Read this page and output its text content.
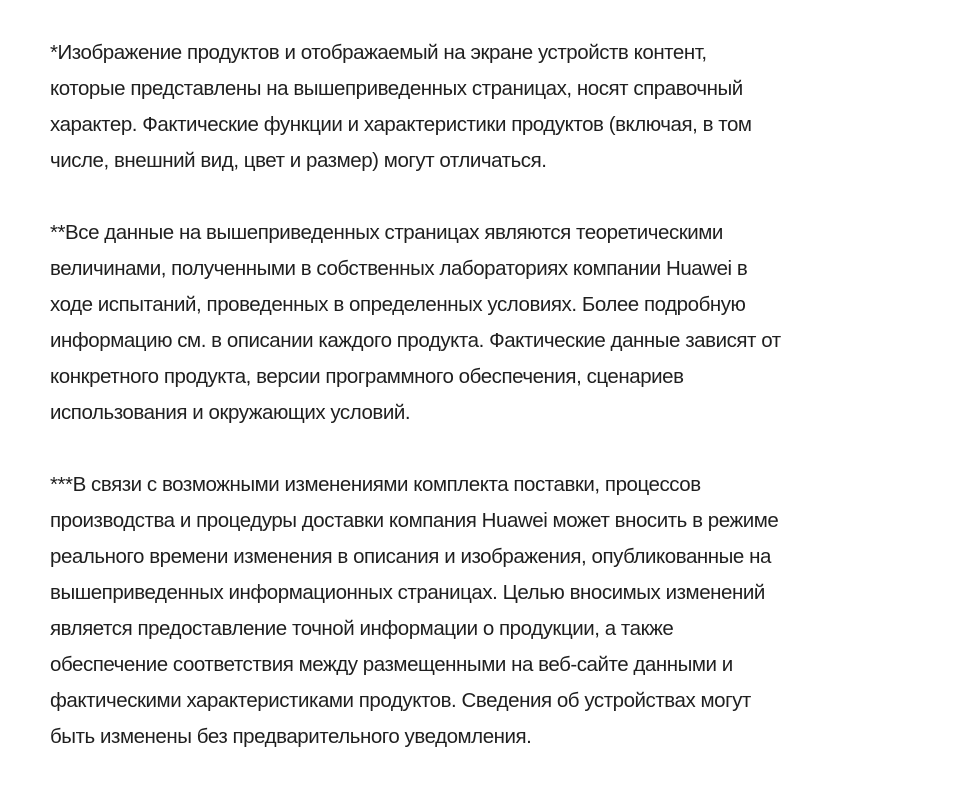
*Изображение продуктов и отображаемый на экране устройств контент,
которые представлены на вышеприведенных страницах, носят справочный
характер. Фактические функции и характеристики продуктов (включая, в том
числе, внешний вид, цвет и размер) могут отличаться.

**Все данные на вышеприведенных страницах являются теоретическими
величинами, полученными в собственных лабораториях компании Huawei в
ходе испытаний, проведенных в определенных условиях. Более подробную
информацию см. в описании каждого продукта. Фактические данные зависят от
конкретного продукта, версии программного обеспечения, сценариев
использования и окружающих условий.

***В связи с возможными изменениями комплекта поставки, процессов
производства и процедуры доставки компания Huawei может вносить в режиме
реального времени изменения в описания и изображения, опубликованные на
вышеприведенных информационных страницах. Целью вносимых изменений
является предоставление точной информации о продукции, а также
обеспечение соответствия между размещенными на веб-сайте данными и
фактическими характеристиками продуктов. Сведения об устройствах могут
быть изменены без предварительного уведомления.
